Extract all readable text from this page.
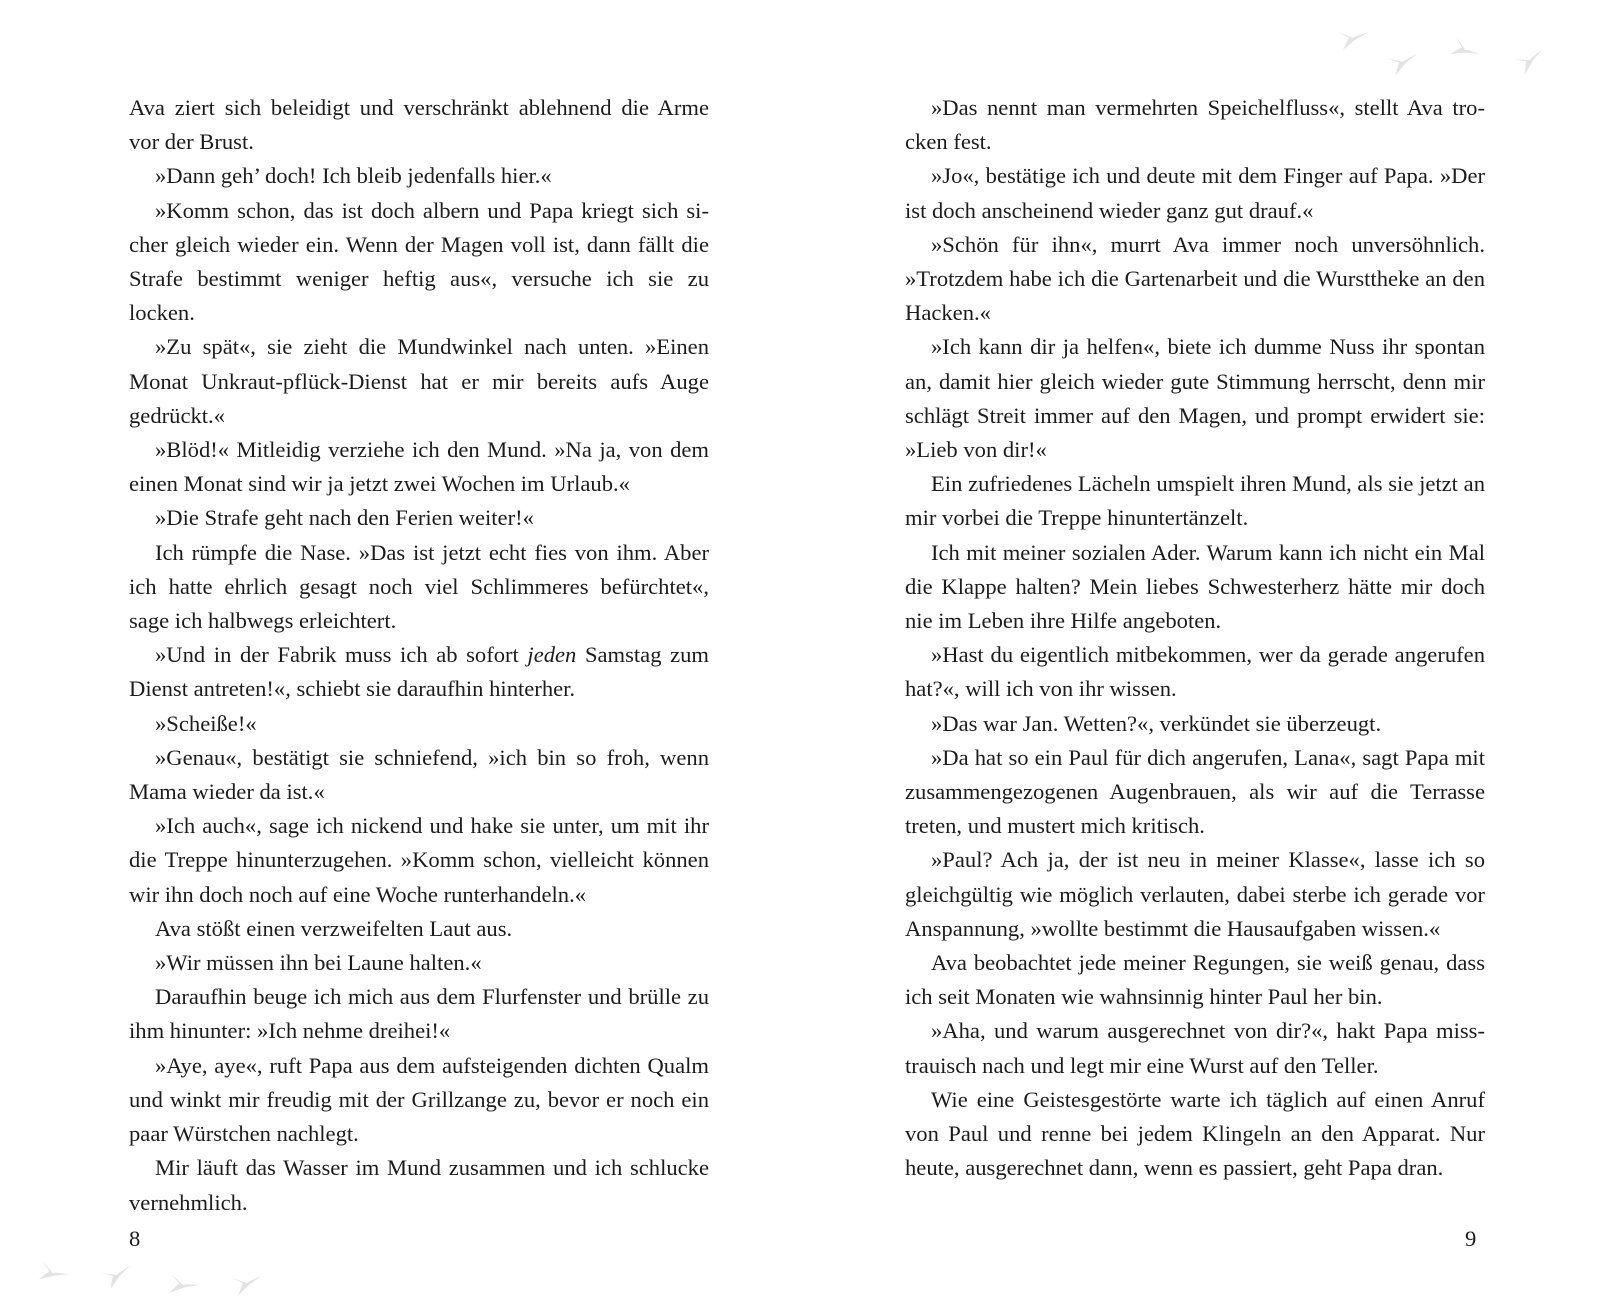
Ava ziert sich beleidigt und verschränkt ablehnend die Arme vor der Brust.

»Dann geh’ doch! Ich bleib jedenfalls hier.«

»Komm schon, das ist doch albern und Papa kriegt sich sicher gleich wieder ein. Wenn der Magen voll ist, dann fällt die Strafe bestimmt weniger heftig aus«, versuche ich sie zu locken.

»Zu spät«, sie zieht die Mundwinkel nach unten. »Einen Monat Unkraut-pflück-Dienst hat er mir bereits aufs Auge gedrückt.«

»Blöd!« Mitleidig verziehe ich den Mund. »Na ja, von dem einen Monat sind wir ja jetzt zwei Wochen im Urlaub.«

»Die Strafe geht nach den Ferien weiter!«

Ich rümpfe die Nase. »Das ist jetzt echt fies von ihm. Aber ich hatte ehrlich gesagt noch viel Schlimmeres befürchtet«, sage ich halbwegs erleichtert.

»Und in der Fabrik muss ich ab sofort jeden Samstag zum Dienst antreten!«, schiebt sie daraufhin hinterher.

»Scheiße!«

»Genau«, bestätigt sie schniefend, »ich bin so froh, wenn Mama wieder da ist.«

»Ich auch«, sage ich nickend und hake sie unter, um mit ihr die Treppe hinunterzugehen. »Komm schon, vielleicht können wir ihn doch noch auf eine Woche runterhandeln.«

Ava stößt einen verzweifelten Laut aus.

»Wir müssen ihn bei Laune halten.«

Daraufhin beuge ich mich aus dem Flurfenster und brülle zu ihm hinunter: »Ich nehme dreihei!«

»Aye, aye«, ruft Papa aus dem aufsteigenden dichten Qualm und winkt mir freudig mit der Grillzange zu, bevor er noch ein paar Würstchen nachlegt.

Mir läuft das Wasser im Mund zusammen und ich schlucke vernehmlich.

»Das nennt man vermehrten Speichelfluss«, stellt Ava trocken fest.

»Jo«, bestätige ich und deute mit dem Finger auf Papa. »Der ist doch anscheinend wieder ganz gut drauf.«

»Schön für ihn«, murrt Ava immer noch unversöhnlich. »Trotzdem habe ich die Gartenarbeit und die Wursttheke an den Hacken.«

»Ich kann dir ja helfen«, biete ich dumme Nuss ihr spontan an, damit hier gleich wieder gute Stimmung herrscht, denn mir schlägt Streit immer auf den Magen, und prompt erwidert sie: »Lieb von dir!«

Ein zufriedenes Lächeln umspielt ihren Mund, als sie jetzt an mir vorbei die Treppe hinuntertänzelt.

Ich mit meiner sozialen Ader. Warum kann ich nicht ein Mal die Klappe halten? Mein liebes Schwesterherz hätte mir doch nie im Leben ihre Hilfe angeboten.

»Hast du eigentlich mitbekommen, wer da gerade angerufen hat?«, will ich von ihr wissen.

»Das war Jan. Wetten?«, verkündet sie überzeugt.

»Da hat so ein Paul für dich angerufen, Lana«, sagt Papa mit zusammengezogenen Augenbrauen, als wir auf die Terrasse treten, und mustert mich kritisch.

»Paul? Ach ja, der ist neu in meiner Klasse«, lasse ich so gleichgültig wie möglich verlauten, dabei sterbe ich gerade vor Anspannung, »wollte bestimmt die Hausaufgaben wissen.«

Ava beobachtet jede meiner Regungen, sie weiß genau, dass ich seit Monaten wie wahnsinnig hinter Paul her bin.

»Aha, und warum ausgerechnet von dir?«, hakt Papa misstrauisch nach und legt mir eine Wurst auf den Teller.

Wie eine Geistesgestörte warte ich täglich auf einen Anruf von Paul und renne bei jedem Klingeln an den Apparat. Nur heute, ausgerechnet dann, wenn es passiert, geht Papa dran.

8	9
